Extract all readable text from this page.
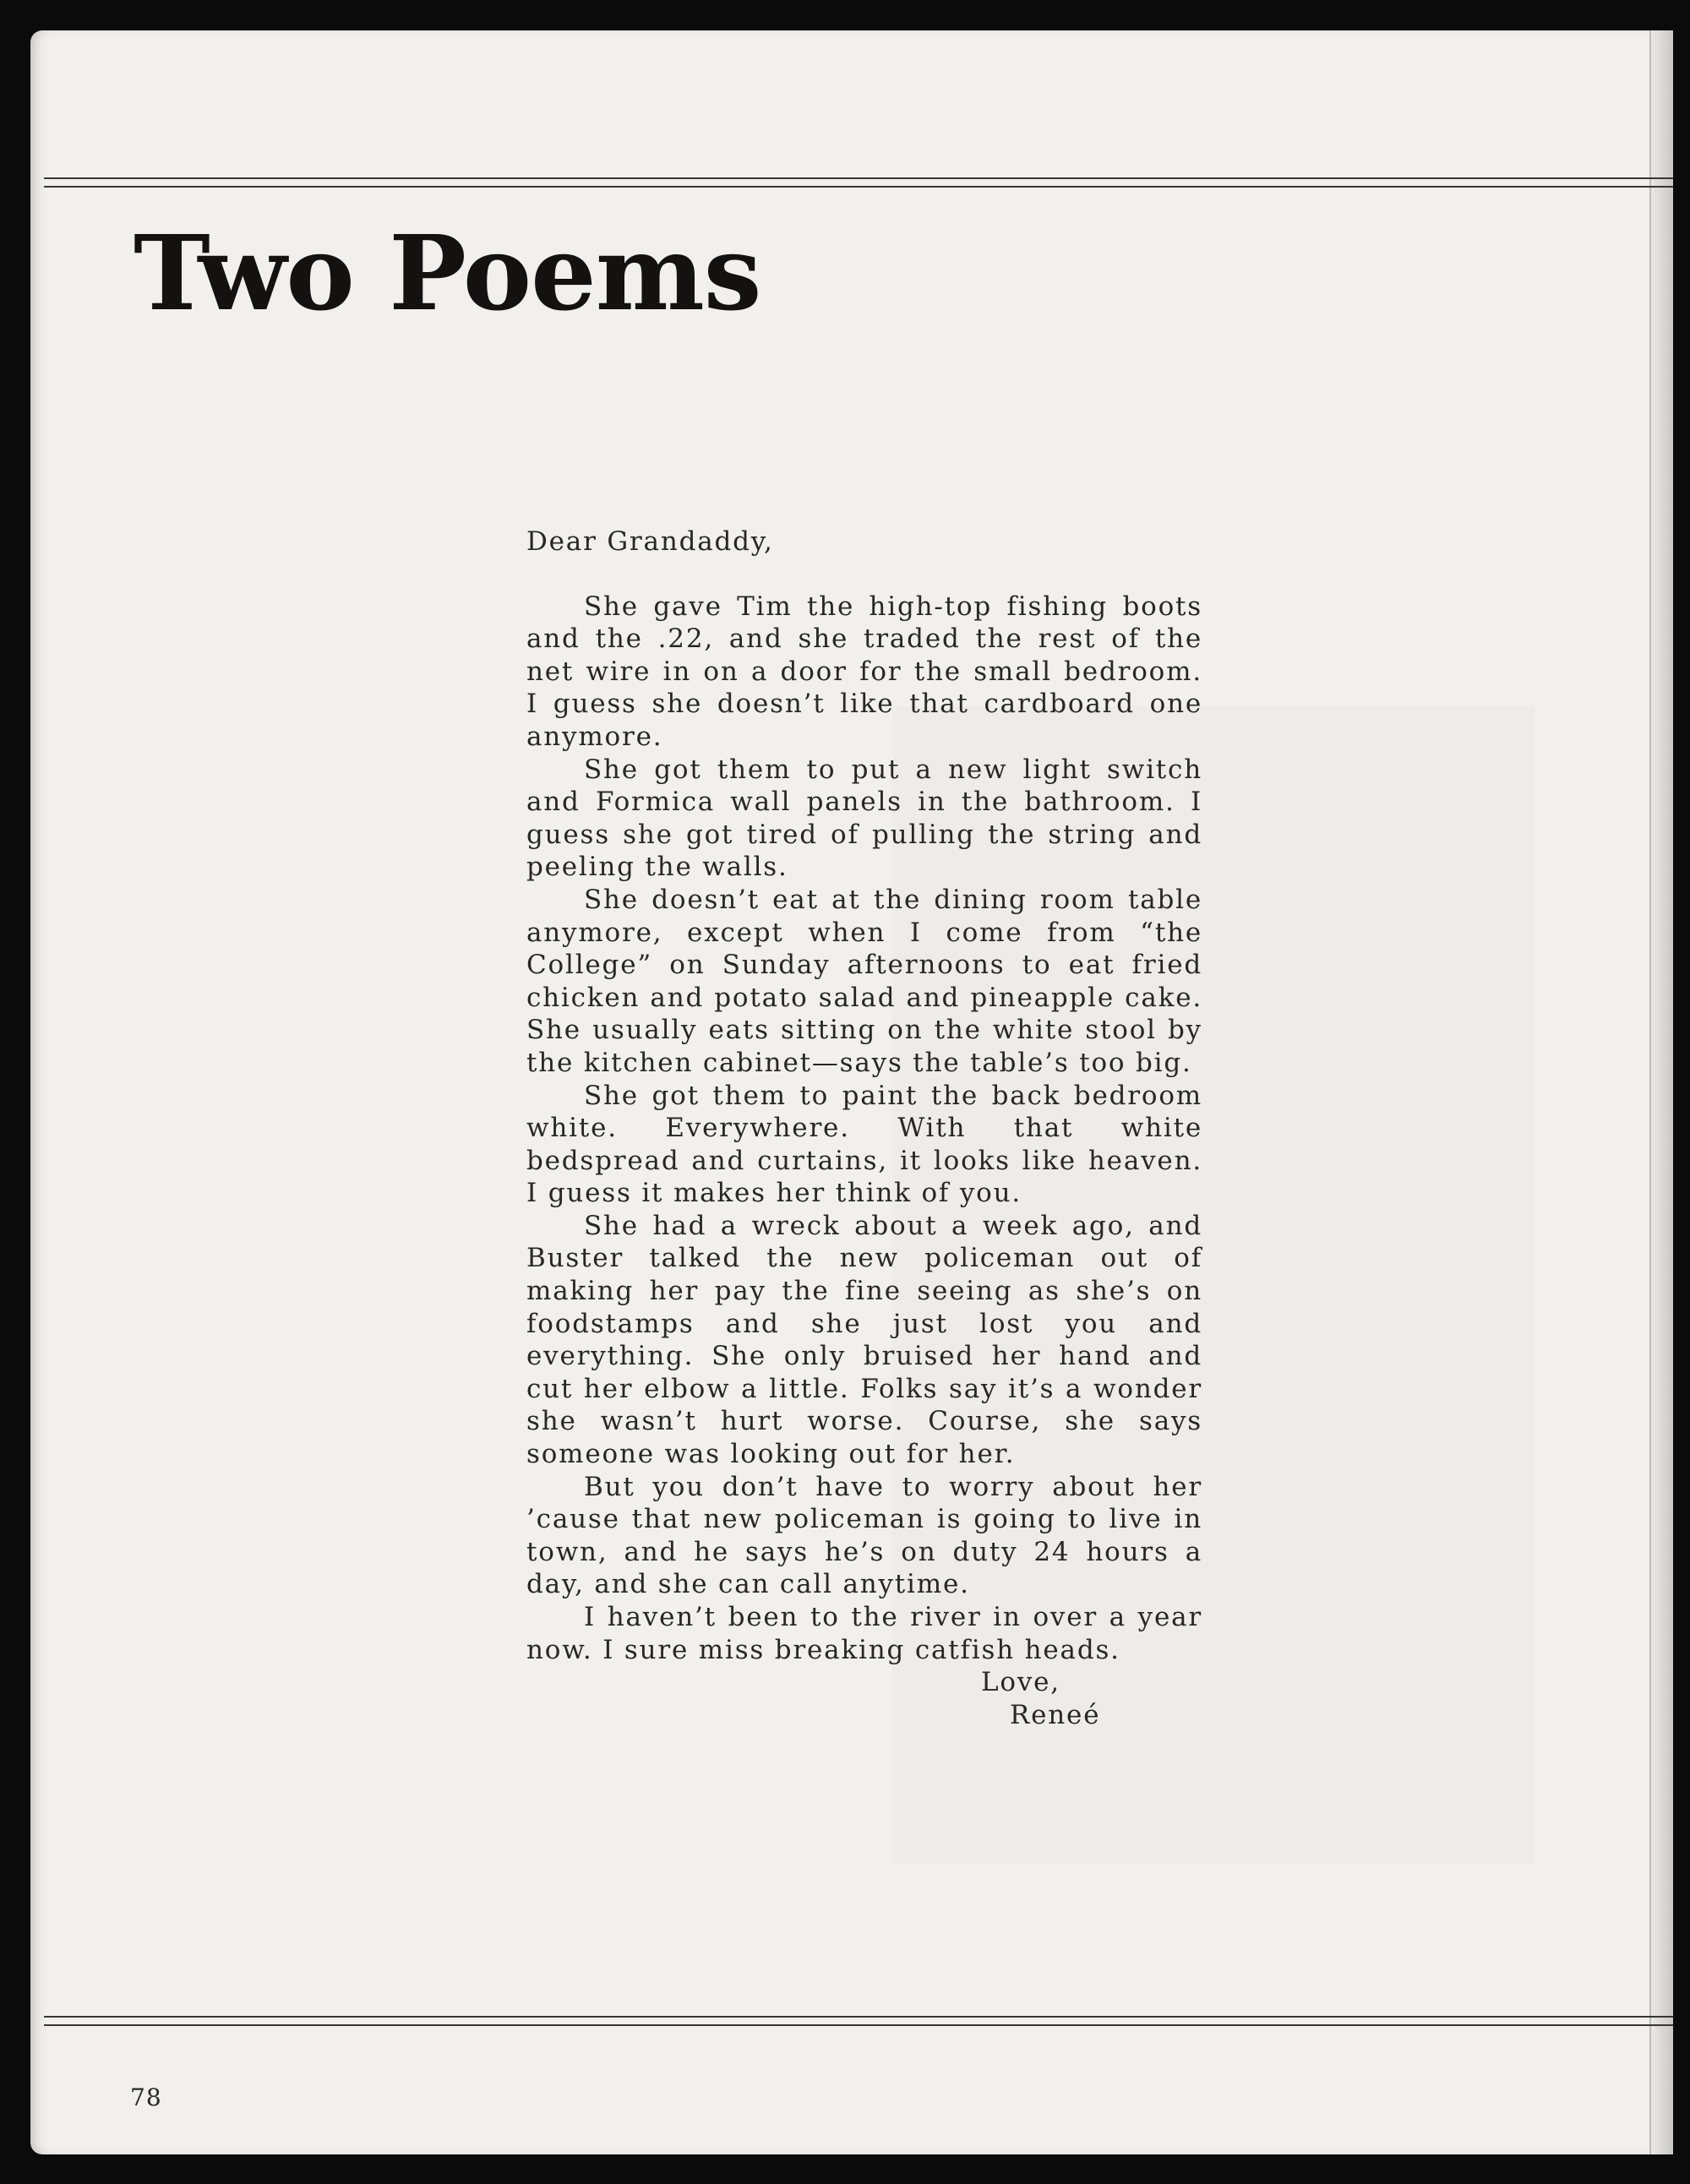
Two Poems

Dear Grandaddy,

She gave Tim the high-top fishing boots and the .22, and she traded the rest of the net wire in on a door for the small bedroom. I guess she doesn’t like that cardboard one anymore.

She got them to put a new light switch and Formica wall panels in the bathroom. I guess she got tired of pulling the string and peeling the walls.

She doesn’t eat at the dining room table anymore, except when I come from “the College” on Sunday afternoons to eat fried chicken and potato salad and pineapple cake. She usually eats sitting on the white stool by the kitchen cabinet—says the table’s too big.

She got them to paint the back bedroom white. Everywhere. With that white bedspread and curtains, it looks like heaven. I guess it makes her think of you.

She had a wreck about a week ago, and Buster talked the new policeman out of making her pay the fine seeing as she’s on foodstamps and she just lost you and everything. She only bruised her hand and cut her elbow a little. Folks say it’s a wonder she wasn’t hurt worse. Course, she says someone was looking out for her.

But you don’t have to worry about her ’cause that new policeman is going to live in town, and he says he’s on duty 24 hours a day, and she can call anytime.

I haven’t been to the river in over a year now. I sure miss breaking catfish heads.

Love,

Reneé

78
